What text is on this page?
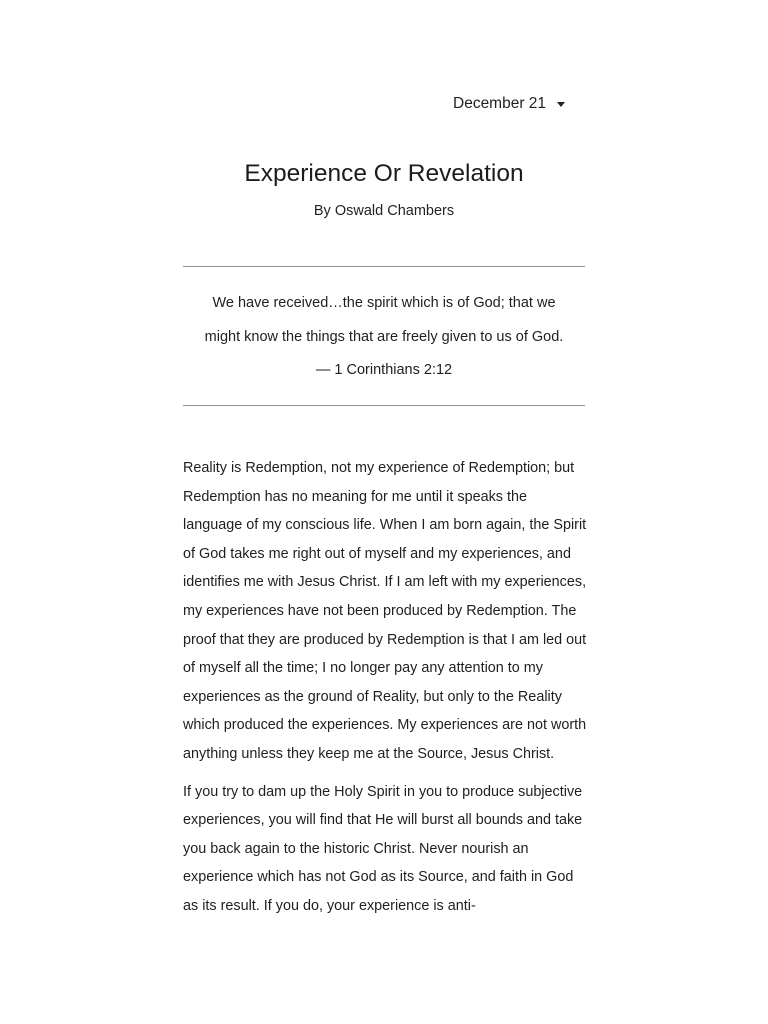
December 21
Experience Or Revelation
By Oswald Chambers
We have received…the spirit which is of God; that we might know the things that are freely given to us of God. — 1 Corinthians 2:12

Reality is Redemption, not my experience of Redemption; but Redemption has no meaning for me until it speaks the language of my conscious life. When I am born again, the Spirit of God takes me right out of myself and my experiences, and identifies me with Jesus Christ. If I am left with my experiences, my experiences have not been produced by Redemption. The proof that they are produced by Redemption is that I am led out of myself all the time; I no longer pay any attention to my experiences as the ground of Reality, but only to the Reality which produced the experiences. My experiences are not worth anything unless they keep me at the Source, Jesus Christ.

If you try to dam up the Holy Spirit in you to produce subjective experiences, you will find that He will burst all bounds and take you back again to the historic Christ. Never nourish an experience which has not God as its Source, and faith in God as its result. If you do, your experience is anti-
